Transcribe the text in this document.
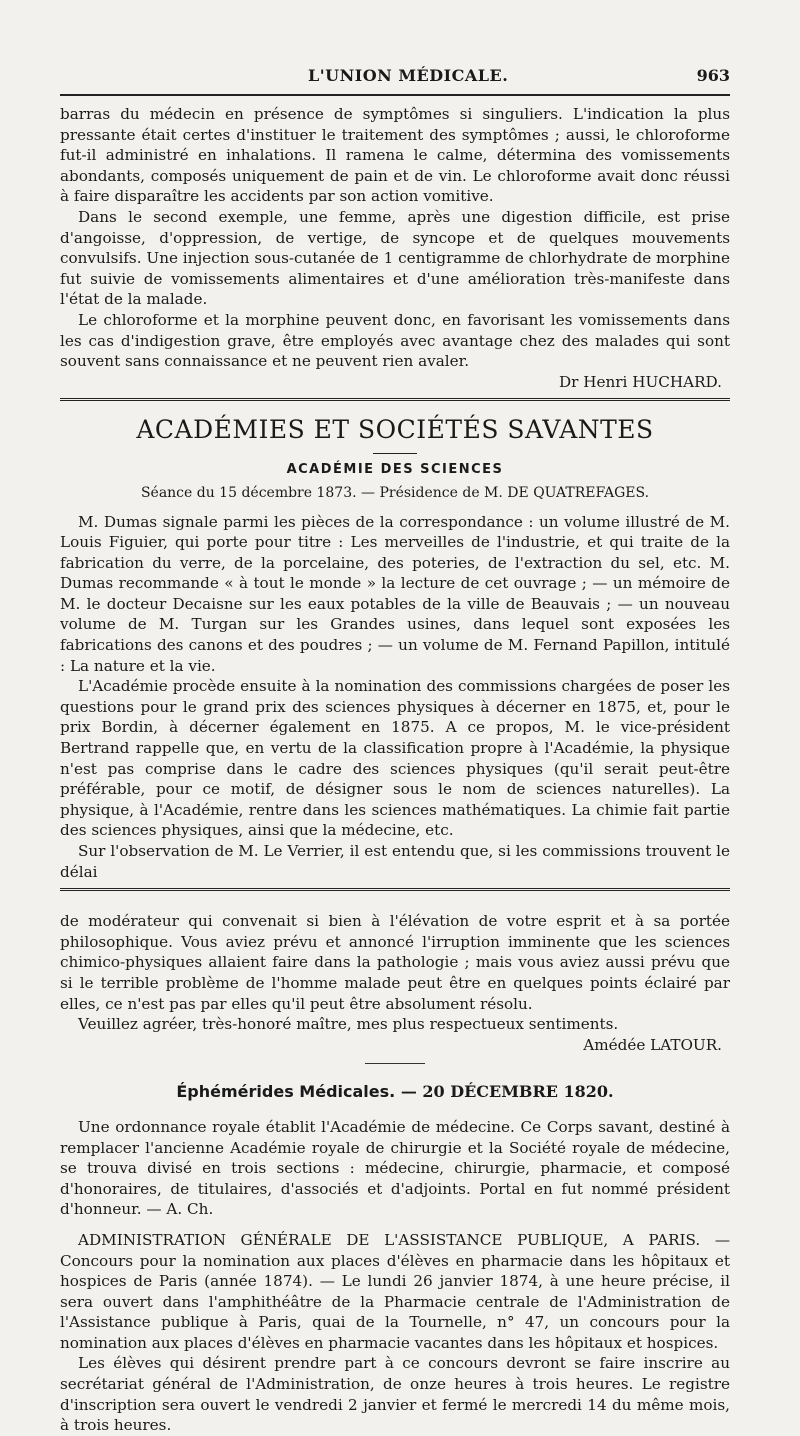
L'UNION MÉDICALE.	963

barras du médecin en présence de symptômes si singuliers. L'indication la plus pressante était certes d'instituer le traitement des symptômes ; aussi, le chloroforme fut-il administré en inhalations. Il ramena le calme, détermina des vomissements abondants, composés uniquement de pain et de vin. Le chloroforme avait donc réussi à faire disparaître les accidents par son action vomitive.

Dans le second exemple, une femme, après une digestion difficile, est prise d'angoisse, d'oppression, de vertige, de syncope et de quelques mouvements convulsifs. Une injection sous-cutanée de 1 centigramme de chlorhydrate de morphine fut suivie de vomissements alimentaires et d'une amélioration très-manifeste dans l'état de la malade.

Le chloroforme et la morphine peuvent donc, en favorisant les vomissements dans les cas d'indigestion grave, être employés avec avantage chez des malades qui sont souvent sans connaissance et ne peuvent rien avaler.

Dr Henri HUCHARD.

ACADÉMIES ET SOCIÉTÉS SAVANTES
ACADÉMIE DES SCIENCES
Séance du 15 décembre 1873. — Présidence de M. DE QUATREFAGES.

M. Dumas signale parmi les pièces de la correspondance : un volume illustré de M. Louis Figuier, qui porte pour titre : Les merveilles de l'industrie, et qui traite de la fabrication du verre, de la porcelaine, des poteries, de l'extraction du sel, etc. M. Dumas recommande « à tout le monde » la lecture de cet ouvrage ; — un mémoire de M. le docteur Decaisne sur les eaux potables de la ville de Beauvais ; — un nouveau volume de M. Turgan sur les Grandes usines, dans lequel sont exposées les fabrications des canons et des poudres ; — un volume de M. Fernand Papillon, intitulé : La nature et la vie.

L'Académie procède ensuite à la nomination des commissions chargées de poser les questions pour le grand prix des sciences physiques à décerner en 1875, et, pour le prix Bordin, à décerner également en 1875. A ce propos, M. le vice-président Bertrand rappelle que, en vertu de la classification propre à l'Académie, la physique n'est pas comprise dans le cadre des sciences physiques (qu'il serait peut-être préférable, pour ce motif, de désigner sous le nom de sciences naturelles). La physique, à l'Académie, rentre dans les sciences mathématiques. La chimie fait partie des sciences physiques, ainsi que la médecine, etc.

Sur l'observation de M. Le Verrier, il est entendu que, si les commissions trouvent le délai

de modérateur qui convenait si bien à l'élévation de votre esprit et à sa portée philosophique. Vous aviez prévu et annoncé l'irruption imminente que les sciences chimico-physiques allaient faire dans la pathologie ; mais vous aviez aussi prévu que si le terrible problème de l'homme malade peut être en quelques points éclairé par elles, ce n'est pas par elles qu'il peut être absolument résolu.

Veuillez agréer, très-honoré maître, mes plus respectueux sentiments.

Amédée LATOUR.

Éphémérides Médicales. — 20 DÉCEMBRE 1820.

Une ordonnance royale établit l'Académie de médecine. Ce Corps savant, destiné à remplacer l'ancienne Académie royale de chirurgie et la Société royale de médecine, se trouva divisé en trois sections : médecine, chirurgie, pharmacie, et composé d'honoraires, de titulaires, d'associés et d'adjoints. Portal en fut nommé président d'honneur. — A. Ch.

ADMINISTRATION GÉNÉRALE DE L'ASSISTANCE PUBLIQUE, A PARIS. — Concours pour la nomination aux places d'élèves en pharmacie dans les hôpitaux et hospices de Paris (année 1874). — Le lundi 26 janvier 1874, à une heure précise, il sera ouvert dans l'amphithéâtre de la Pharmacie centrale de l'Administration de l'Assistance publique à Paris, quai de la Tournelle, n° 47, un concours pour la nomination aux places d'élèves en pharmacie vacantes dans les hôpitaux et hospices.

Les élèves qui désirent prendre part à ce concours devront se faire inscrire au secrétariat général de l'Administration, de onze heures à trois heures. Le registre d'inscription sera ouvert le vendredi 2 janvier et fermé le mercredi 14 du même mois, à trois heures.
